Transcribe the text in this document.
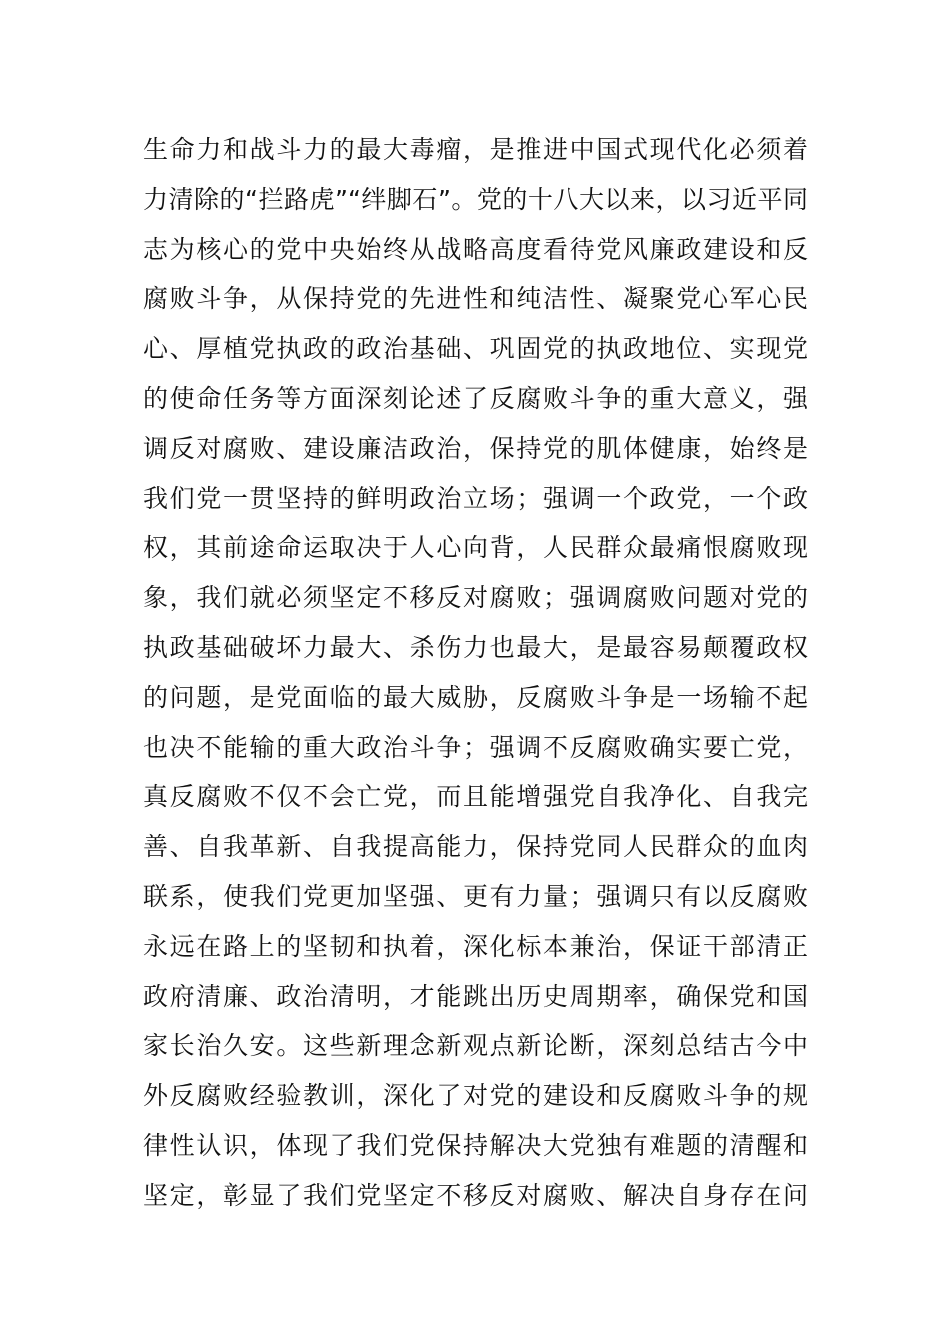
生命力和战斗力的最大毒瘤，是推进中国式现代化必须着
力清除的“拦路虎”“绊脚石”。党的十八大以来，以习近平同
志为核心的党中央始终从战略高度看待党风廉政建设和反
腐败斗争，从保持党的先进性和纯洁性、凝聚党心军心民
心、厚植党执政的政治基础、巩固党的执政地位、实现党
的使命任务等方面深刻论述了反腐败斗争的重大意义，强
调反对腐败、建设廉洁政治，保持党的肌体健康，始终是
我们党一贯坚持的鲜明政治立场；强调一个政党，一个政
权，其前途命运取决于人心向背，人民群众最痛恨腐败现
象，我们就必须坚定不移反对腐败；强调腐败问题对党的
执政基础破坏力最大、杀伤力也最大，是最容易颠覆政权
的问题，是党面临的最大威胁，反腐败斗争是一场输不起
也决不能输的重大政治斗争；强调不反腐败确实要亡党，
真反腐败不仅不会亡党，而且能增强党自我净化、自我完
善、自我革新、自我提高能力，保持党同人民群众的血肉
联系，使我们党更加坚强、更有力量；强调只有以反腐败
永远在路上的坚韧和执着，深化标本兼治，保证干部清正
政府清廉、政治清明，才能跳出历史周期率，确保党和国
家长治久安。这些新理念新观点新论断，深刻总结古今中
外反腐败经验教训，深化了对党的建设和反腐败斗争的规
律性认识，体现了我们党保持解决大党独有难题的清醒和
坚定，彰显了我们党坚定不移反对腐败、解决自身存在问
